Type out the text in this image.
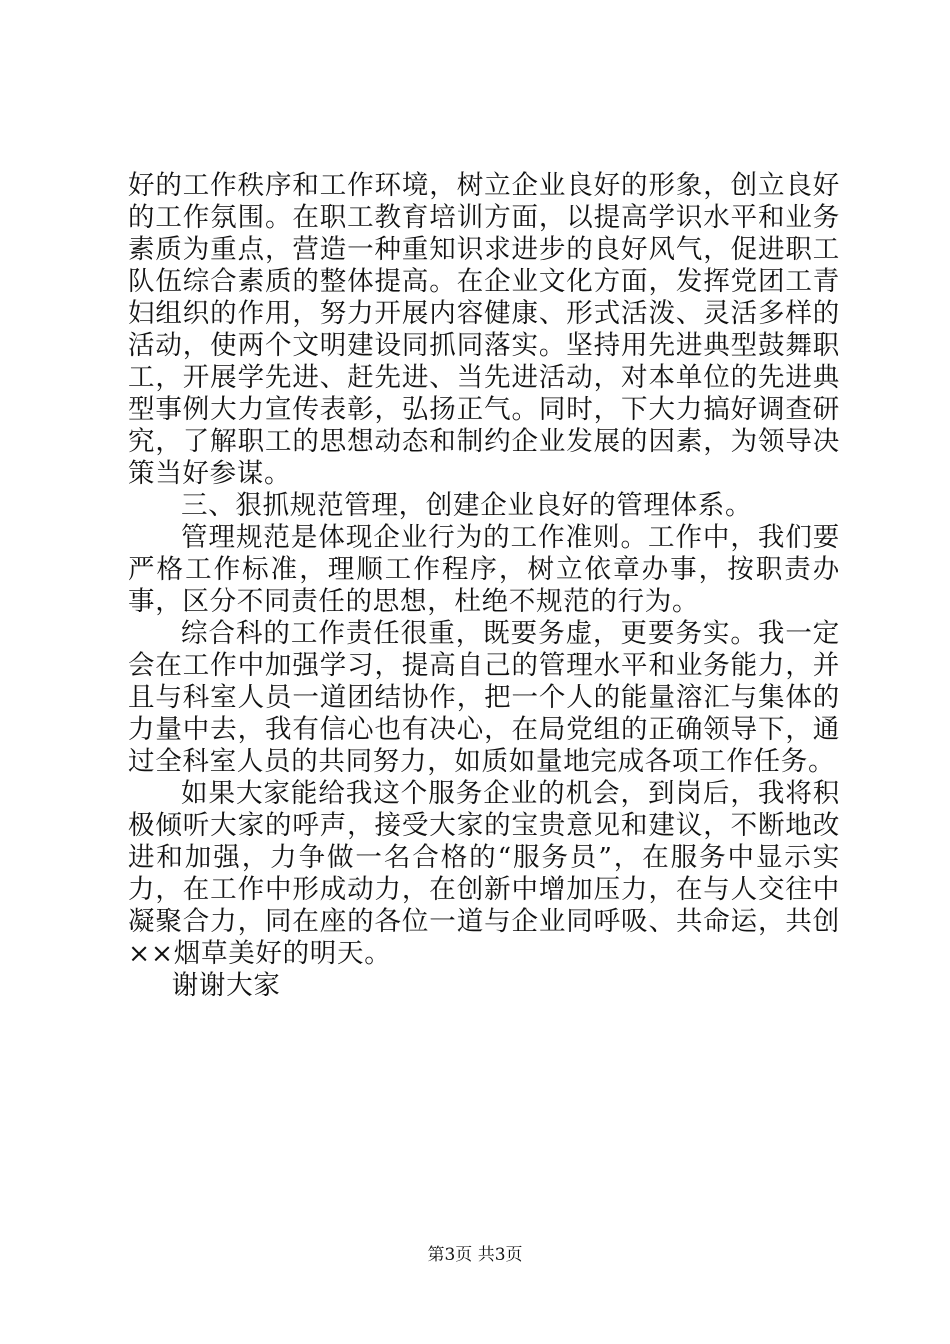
好的工作秩序和工作环境，树立企业良好的形象，创立良好的工作氛围。在职工教育培训方面，以提高学识水平和业务素质为重点，营造一种重知识求进步的良好风气，促进职工队伍综合素质的整体提高。在企业文化方面，发挥党团工青妇组织的作用，努力开展内容健康、形式活泼、灵活多样的活动，使两个文明建设同抓同落实。坚持用先进典型鼓舞职工，开展学先进、赶先进、当先进活动，对本单位的先进典型事例大力宣传表彰，弘扬正气。同时，下大力搞好调查研究，了解职工的思想动态和制约企业发展的因素，为领导决策当好参谋。

三、狠抓规范管理，创建企业良好的管理体系。

管理规范是体现企业行为的工作准则。工作中，我们要严格工作标准，理顺工作程序，树立依章办事，按职责办事，区分不同责任的思想，杜绝不规范的行为。

综合科的工作责任很重，既要务虚，更要务实。我一定会在工作中加强学习，提高自己的管理水平和业务能力，并且与科室人员一道团结协作，把一个人的能量溶汇与集体的力量中去，我有信心也有决心，在局党组的正确领导下，通过全科室人员的共同努力，如质如量地完成各项工作任务。

如果大家能给我这个服务企业的机会，到岗后，我将积极倾听大家的呼声，接受大家的宝贵意见和建议，不断地改进和加强，力争做一名合格的“服务员”，在服务中显示实力，在工作中形成动力，在创新中增加压力，在与人交往中凝聚合力，同在座的各位一道与企业同呼吸、共命运，共创××烟草美好的明天。

谢谢大家

第3页 共3页
